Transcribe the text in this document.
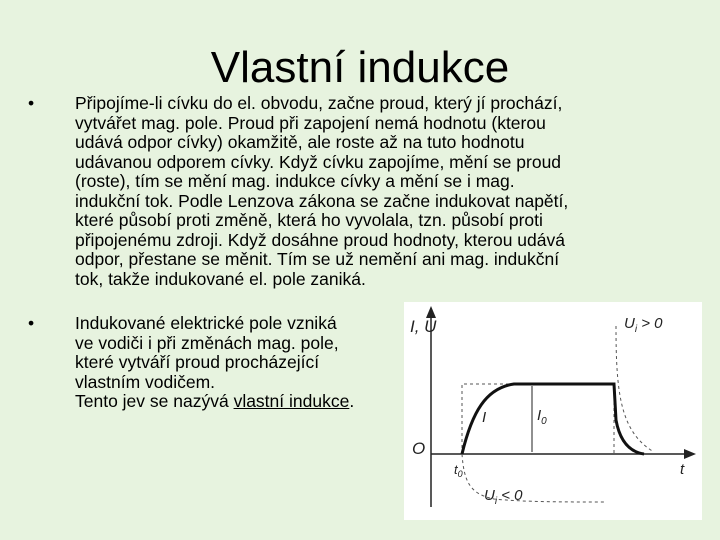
Vlastní indukce
• Připojíme-li cívku do el. obvodu, začne proud, který jí prochází,
vytvářet mag. pole. Proud při zapojení nemá hodnotu (kterou
udává odpor cívky) okamžitě, ale roste až na tuto hodnotu
udávanou odporem cívky. Když cívku zapojíme, mění se proud
(roste), tím se mění mag. indukce cívky a mění se i mag.
indukční tok. Podle Lenzova zákona se začne indukovat napětí,
které působí proti změně, která ho vyvolala, tzn. působí proti
připojenému zdroji. Když dosáhne proud hodnoty, kterou udává
odpor, přestane se měnit. Tím se už nemění ani mag. indukční
tok, takže indukované el. pole zaniká.
• Indukované elektrické pole vzniká
ve vodiči i při změnách mag. pole,
které vytváří proud procházející
vlastním vodičem.
Tento jev se nazývá vlastní indukce.
I, U	$U_i > 0$
I	$I_0$
O
$t_0$	t
$U_i < 0$
